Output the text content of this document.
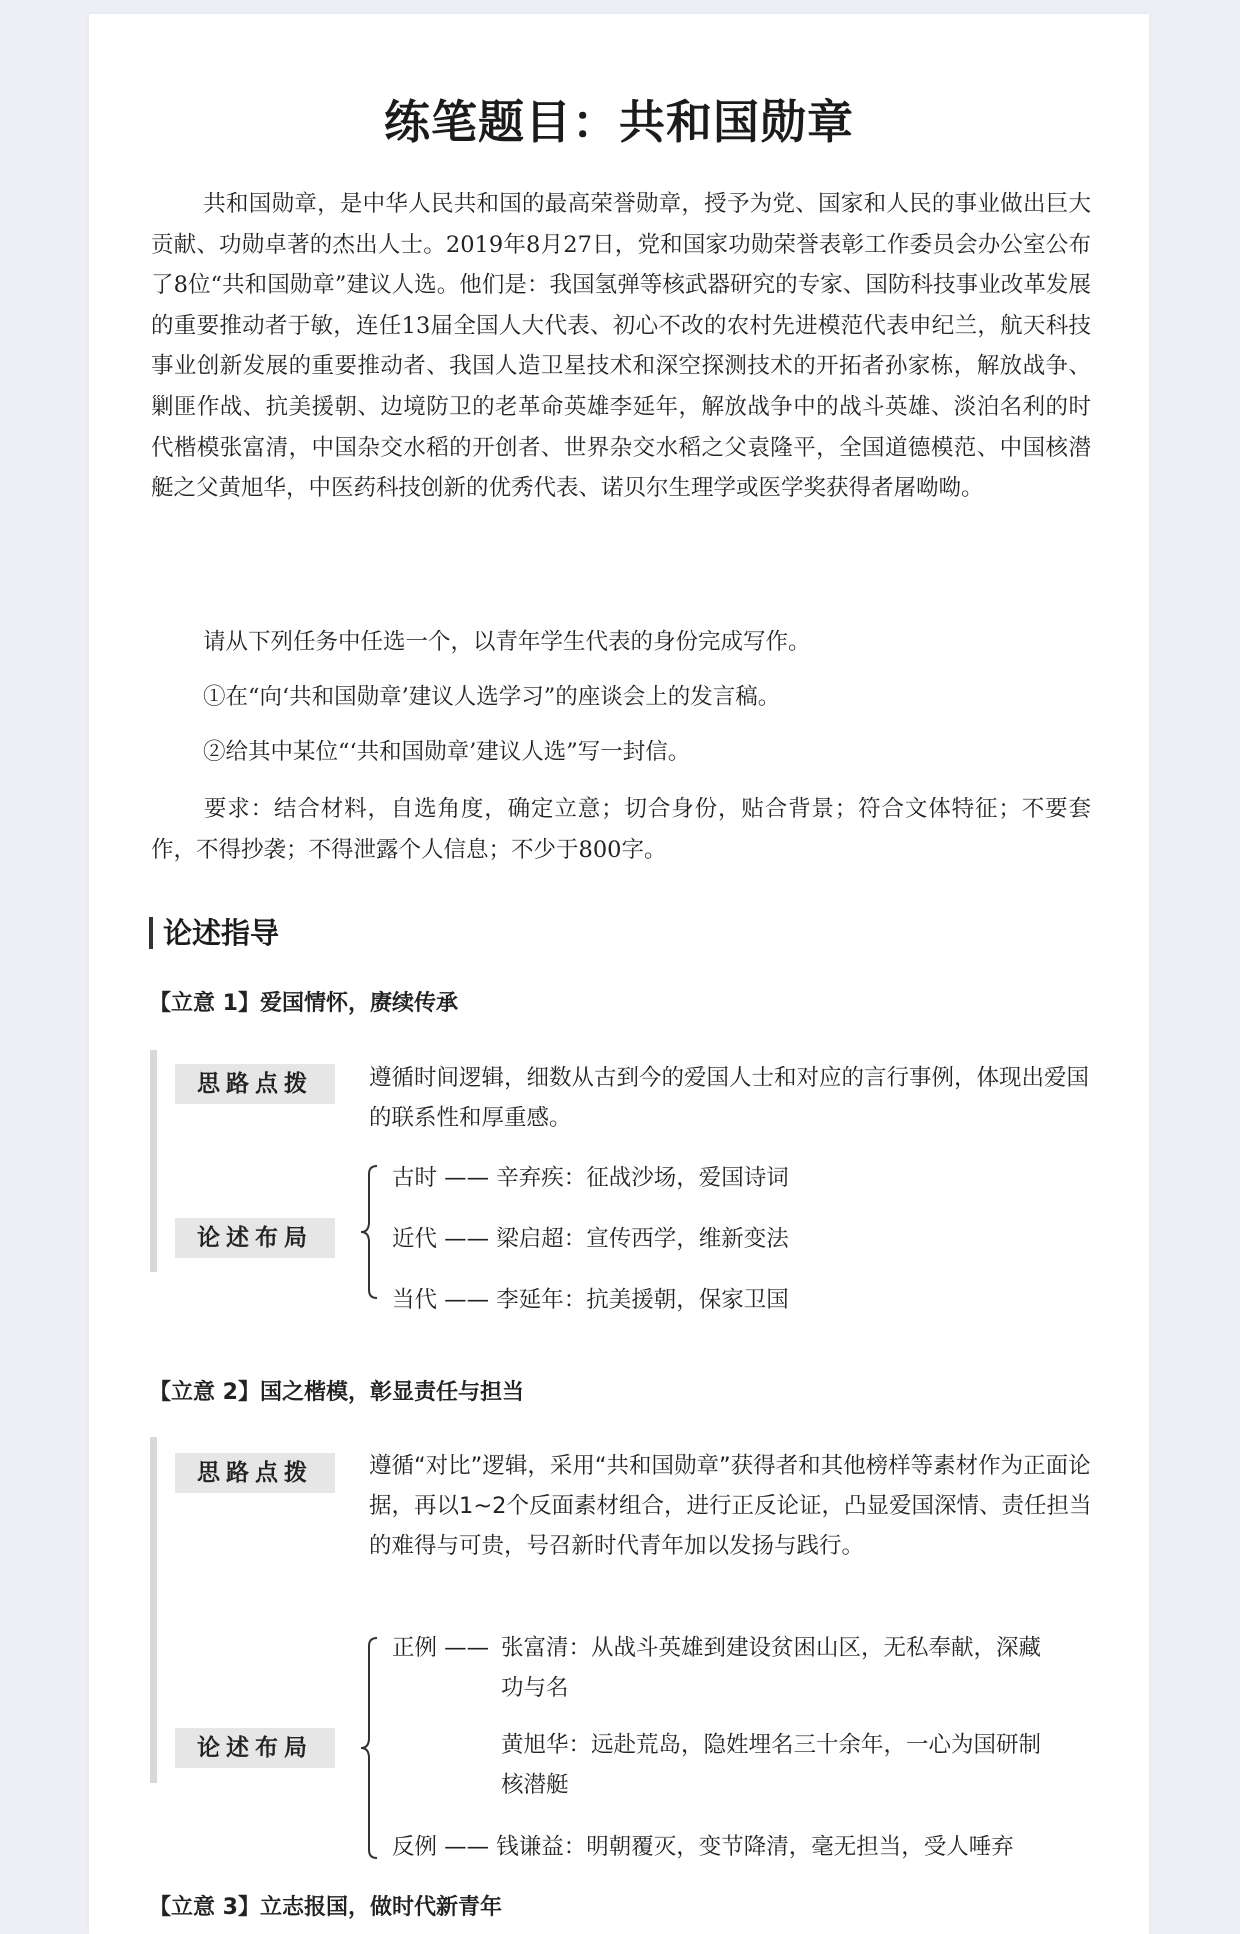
练笔题目：共和国勋章
共和国勋章，是中华人民共和国的最高荣誉勋章，授予为党、国家和人民的事业做出巨大贡献、功勋卓著的杰出人士。2019年8月27日，党和国家功勋荣誉表彰工作委员会办公室公布了8位“共和国勋章”建议人选。他们是：我国氢弹等核武器研究的专家、国防科技事业改革发展的重要推动者于敏，连任13届全国人大代表、初心不改的农村先进模范代表申纪兰，航天科技事业创新发展的重要推动者、我国人造卫星技术和深空探测技术的开拓者孙家栋，解放战争、剿匪作战、抗美援朝、边境防卫的老革命英雄李延年，解放战争中的战斗英雄、淡泊名利的时代楷模张富清，中国杂交水稻的开创者、世界杂交水稻之父袁隆平，全国道德模范、中国核潜艇之父黄旭华，中医药科技创新的优秀代表、诺贝尔生理学或医学奖获得者屠呦呦。
请从下列任务中任选一个，以青年学生代表的身份完成写作。
①在“向‘共和国勋章’建议人选学习”的座谈会上的发言稿。
②给其中某位“‘共和国勋章’建议人选”写一封信。
要求：结合材料，自选角度，确定立意；切合身份，贴合背景；符合文体特征；不要套作，不得抄袭；不得泄露个人信息；不少于800字。
论述指导
【立意 1】爱国情怀，赓续传承
思路点拨	遵循时间逻辑，细数从古到今的爱国人士和对应的言行事例，体现出爱国的联系性和厚重感。
论述布局
古时 —— 辛弃疾：征战沙场，爱国诗词
近代 —— 梁启超：宣传西学，维新变法
当代 —— 李延年：抗美援朝，保家卫国
【立意 2】国之楷模，彰显责任与担当
思路点拨	遵循“对比”逻辑，采用“共和国勋章”获得者和其他榜样等素材作为正面论据，再以1~2个反面素材组合，进行正反论证，凸显爱国深情、责任担当的难得与可贵，号召新时代青年加以发扬与践行。
论述布局
正例 —— 张富清：从战斗英雄到建设贫困山区，无私奉献，深藏
功与名
黄旭华：远赴荒岛，隐姓埋名三十余年，一心为国研制
核潜艇
反例 —— 钱谦益：明朝覆灭，变节降清，毫无担当，受人唾弃
【立意 3】立志报国，做时代新青年
